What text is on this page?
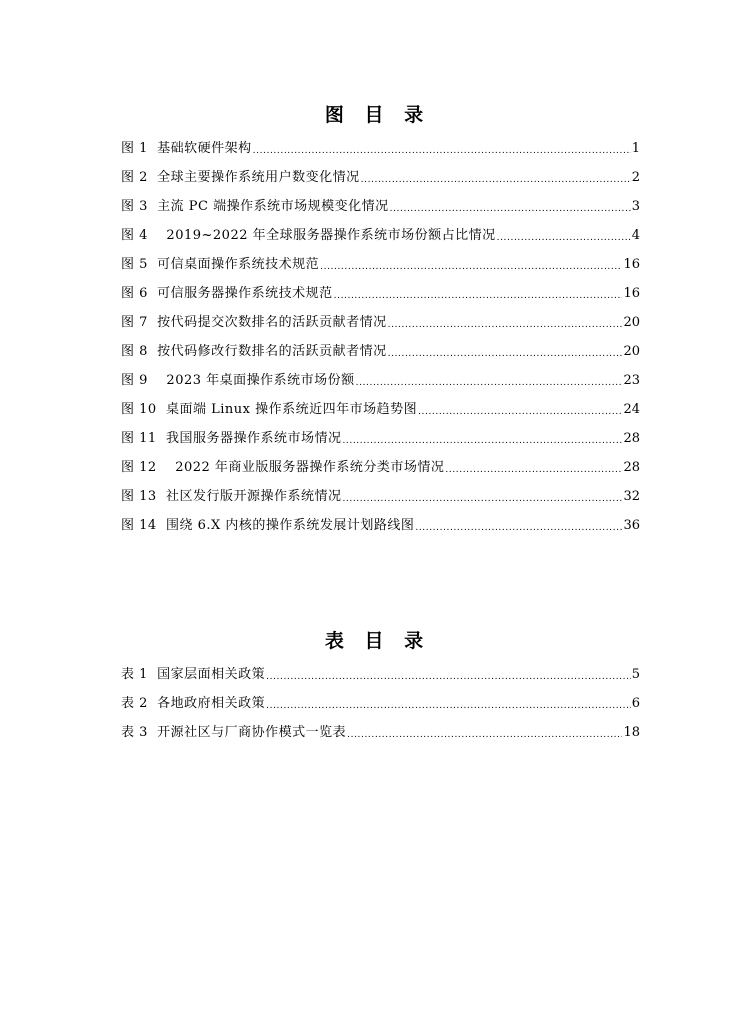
图 目 录
图 1  基础软硬件架构 .....	1
图 2  全球主要操作系统用户数变化情况 .....	2
图 3  主流 PC 端操作系统市场规模变化情况 .....	3
图 4    2019~2022 年全球服务器操作系统市场份额占比情况 .....	4
图 5  可信桌面操作系统技术规范 .....	16
图 6  可信服务器操作系统技术规范 .....	16
图 7  按代码提交次数排名的活跃贡献者情况 .....	20
图 8  按代码修改行数排名的活跃贡献者情况 .....	20
图 9    2023 年桌面操作系统市场份额 .....	23
图 10  桌面端 Linux 操作系统近四年市场趋势图 .....	24
图 11  我国服务器操作系统市场情况 .....	28
图 12    2022 年商业版服务器操作系统分类市场情况 .....	28
图 13  社区发行版开源操作系统情况 .....	32
图 14  围绕 6.X 内核的操作系统发展计划路线图 .....	36
表 目 录
表 1  国家层面相关政策 .....	5
表 2  各地政府相关政策 .....	6
表 3  开源社区与厂商协作模式一览表 .....	18
